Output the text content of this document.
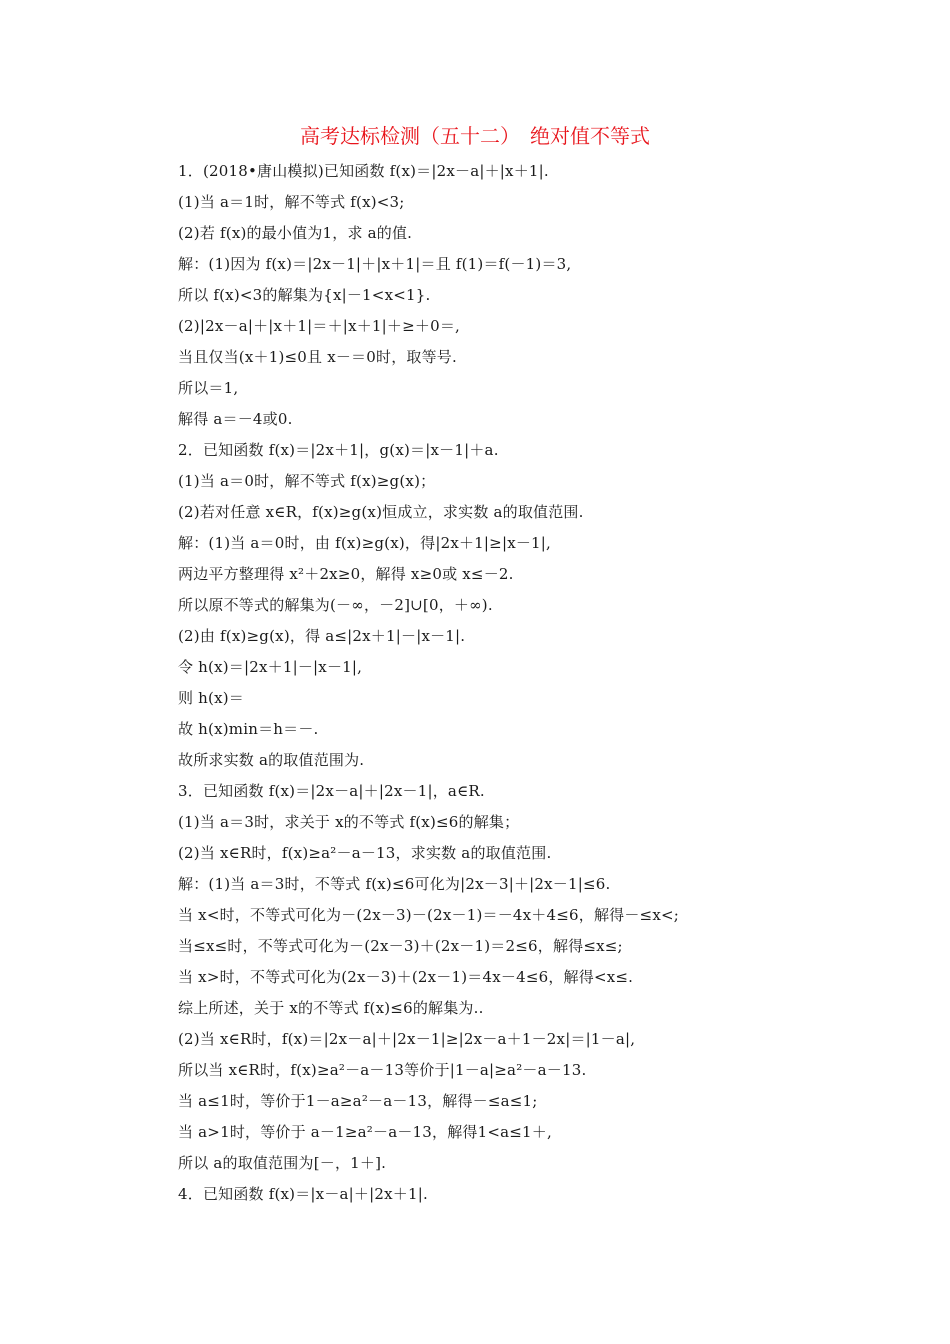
高考达标检测（五十二）　绝对值不等式
1．(2018•唐山模拟)已知函数 f(x)＝|2x－a|＋|x＋1|.
(1)当 a＝1时，解不等式 f(x)<3;
(2)若 f(x)的最小值为1，求 a的值.
解：(1)因为 f(x)＝|2x－1|＋|x＋1|＝且 f(1)＝f(－1)＝3,
所以 f(x)<3的解集为{x|－1<x<1}.
(2)|2x－a|＋|x＋1|＝＋|x＋1|＋≥＋0＝,
当且仅当(x＋1)≤0且 x－＝0时，取等号.
所以＝1,
解得 a＝－4或0.
2．已知函数 f(x)＝|2x＋1|，g(x)＝|x－1|＋a.
(1)当 a＝0时，解不等式 f(x)≥g(x)；
(2)若对任意 x∈R，f(x)≥g(x)恒成立，求实数 a的取值范围.
解：(1)当 a＝0时，由 f(x)≥g(x)，得|2x＋1|≥|x－1|,
两边平方整理得 x²＋2x≥0，解得 x≥0或 x≤－2.
所以原不等式的解集为(－∞，－2]∪[0，＋∞).
(2)由 f(x)≥g(x)，得 a≤|2x＋1|－|x－1|.
令 h(x)＝|2x＋1|－|x－1|,
则 h(x)＝
故 h(x)min＝h＝－.
故所求实数 a的取值范围为.
3．已知函数 f(x)＝|2x－a|＋|2x－1|，a∈R.
(1)当 a＝3时，求关于 x的不等式 f(x)≤6的解集；
(2)当 x∈R时，f(x)≥a²－a－13，求实数 a的取值范围.
解：(1)当 a＝3时，不等式 f(x)≤6可化为|2x－3|＋|2x－1|≤6.
当 x<时，不等式可化为－(2x－3)－(2x－1)＝－4x＋4≤6，解得－≤x<;
当≤x≤时，不等式可化为－(2x－3)＋(2x－1)＝2≤6，解得≤x≤;
当 x>时，不等式可化为(2x－3)＋(2x－1)＝4x－4≤6，解得<x≤.
综上所述，关于 x的不等式 f(x)≤6的解集为..
(2)当 x∈R时，f(x)＝|2x－a|＋|2x－1|≥|2x－a＋1－2x|＝|1－a|,
所以当 x∈R时，f(x)≥a²－a－13等价于|1－a|≥a²－a－13.
当 a≤1时，等价于1－a≥a²－a－13，解得－≤a≤1;
当 a>1时，等价于 a－1≥a²－a－13，解得1<a≤1＋,
所以 a的取值范围为[－，1＋].
4．已知函数 f(x)＝|x－a|＋|2x＋1|.
